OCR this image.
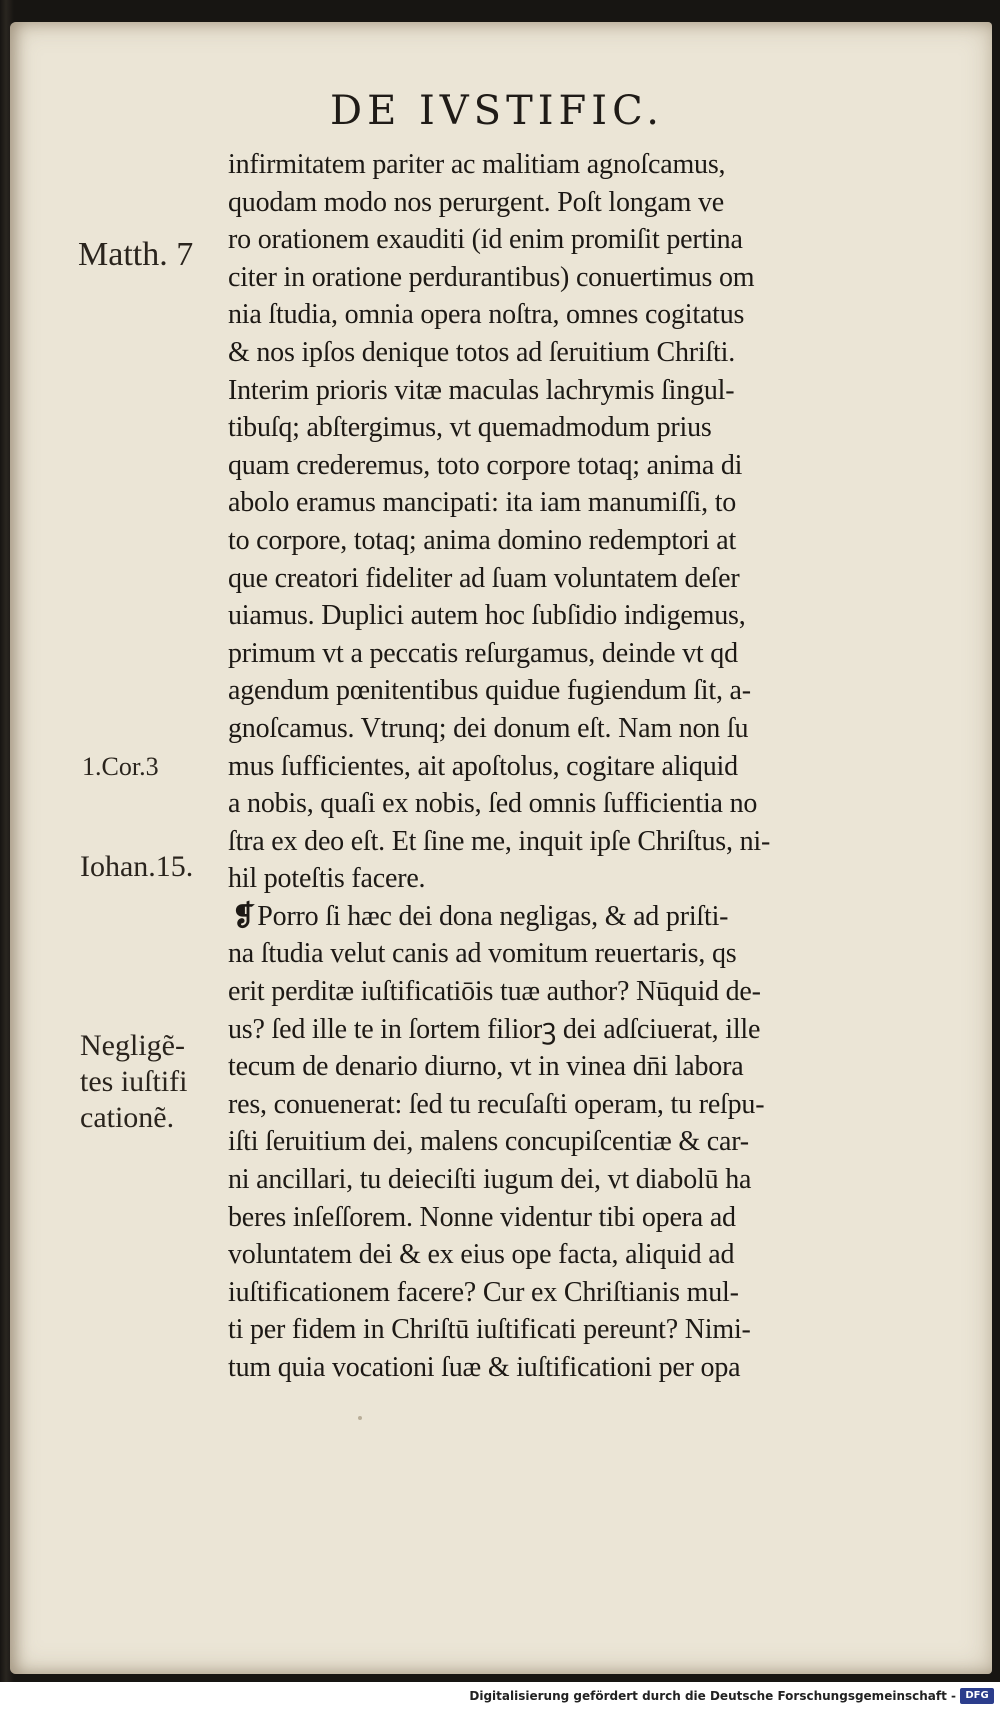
DE IVSTIFIC.
Matth. 7
1.Cor.3
Iohan.15.
Negligẽ-
tes iuſtifi
cationẽ.
infirmitatem pariter ac malitiam agnoſcamus,
quodam modo nos perurgent. Poſt longam ve
ro orationem exauditi (id enim promiſit pertina
citer in oratione perdurantibus) conuertimus om
nia ſtudia, omnia opera noſtra, omnes cogitatus
& nos ipſos denique totos ad ſeruitium Chriſti.
Interim prioris vitæ maculas lachrymis ſingul-
tibuſq; abſtergimus, vt quemadmodum prius
quam crederemus, toto corpore totaq; anima di
abolo eramus mancipati: ita iam manumiſſi, to
to corpore, totaq; anima domino redemptori at
que creatori fideliter ad ſuam voluntatem deſer
uiamus. Duplici autem hoc ſubſidio indigemus,
primum vt a peccatis reſurgamus, deinde vt qd
agendum pœnitentibus quidue fugiendum ſit, a-
gnoſcamus. Vtrunq; dei donum eſt. Nam non ſu
mus ſufficientes, ait apoſtolus, cogitare aliquid
a nobis, quaſi ex nobis, ſed omnis ſufficientia no
ſtra ex deo eſt. Et ſine me, inquit ipſe Chriſtus, ni-
hil poteſtis facere.
❡Porro ſi hæc dei dona negligas, & ad priſti-
na ſtudia velut canis ad vomitum reuertaris, qs
erit perditæ iuſtificatiōis tuæ author? Nūquid de-
us? ſed ille te in ſortem filiorꝫ dei adſciuerat, ille
tecum de denario diurno, vt in vinea dn̄i labora
res, conuenerat: ſed tu recuſaſti operam, tu reſpu-
iſti ſeruitium dei, malens concupiſcentiæ & car-
ni ancillari, tu deieciſti iugum dei, vt diabolū ha
beres inſeſſorem. Nonne videntur tibi opera ad
voluntatem dei & ex eius ope facta, aliquid ad
iuſtificationem facere? Cur ex Chriſtianis mul-
ti per fidem in Chriſtū iuſtificati pereunt? Nimi-
tum quia vocationi ſuæ & iuſtificationi per opa
Digitalisierung gefördert durch die Deutsche Forschungsgemeinschaft - DFG
